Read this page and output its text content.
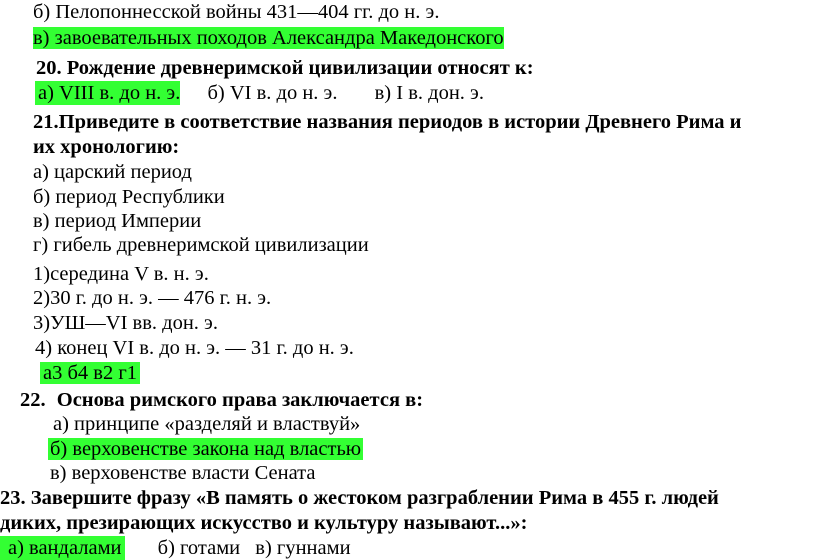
б) Пелопоннесской войны 431—404 гг. до н. э.
в) завоевательных походов Александра Македонского
20. Рождение древнеримской цивилизации относят к:
а) VIII в. до н. э. б) VI в. до н. э. в) I в. дон. э.
21.Приведите в соответствие названия периодов в истории Древнего Рима и
их хронологию:
а) царский период
б) период Республики
в) период Империи
г) гибель древнеримской цивилизации
1)середина V в. н. э.
2)30 г. до н. э. — 476 г. н. э.
3)УШ—VI вв. дон. э.
4) конец VI в. до н. э. — 31 г. до н. э.
а3 б4 в2 г1
22. Основа римского права заключается в:
а) принципе «разделяй и властвуй»
б) верховенстве закона над властью
в) верховенстве власти Сената
23. Завершите фразу «В память о жестоком разграблении Рима в 455 г. людей
диких, презирающих искусство и культуру называют...»:
а) вандалами б) готами в) гуннами
